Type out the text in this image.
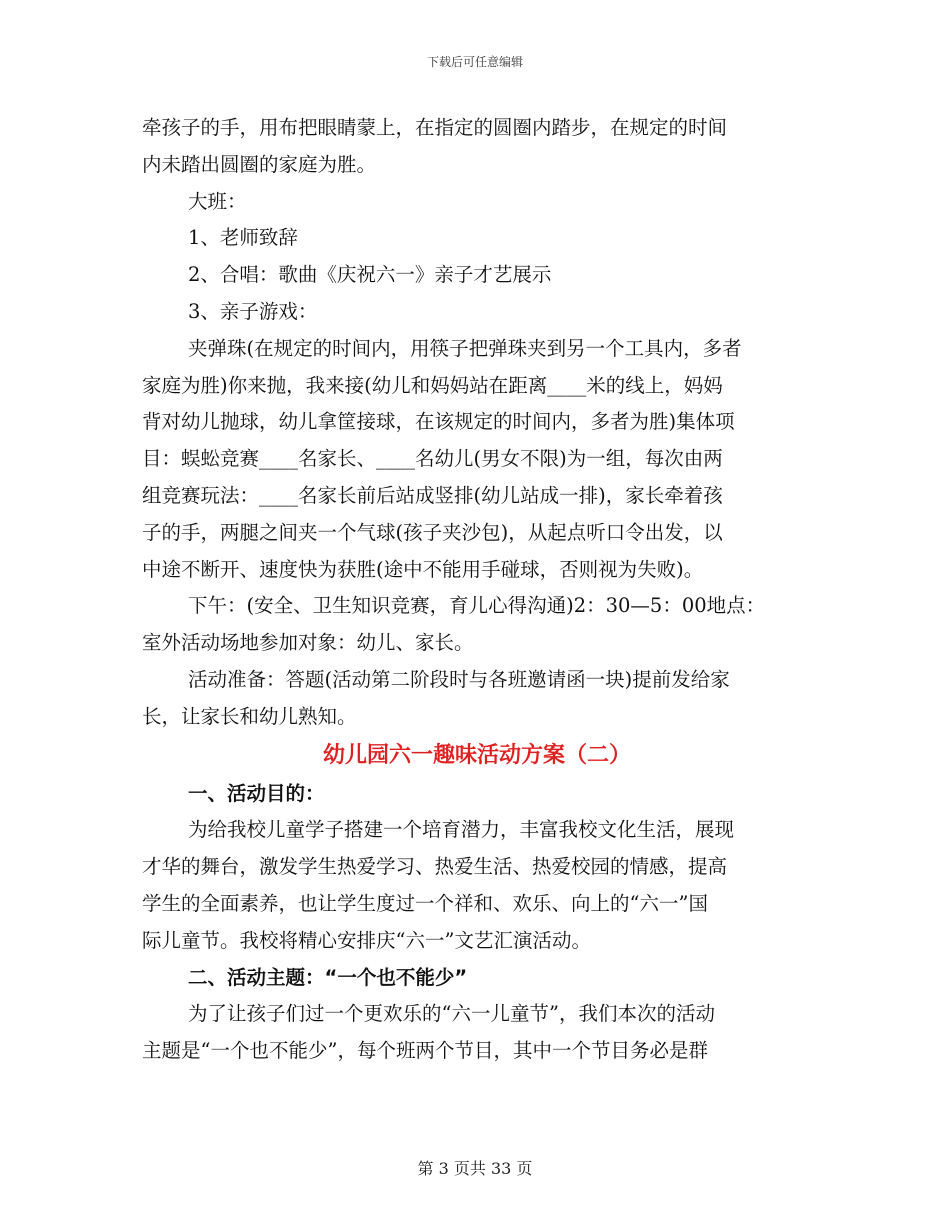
下载后可任意编辑

牵孩子的手，用布把眼睛蒙上，在指定的圆圈内踏步，在规定的时间

内未踏出圆圈的家庭为胜。

大班：

1、老师致辞

2、合唱：歌曲《庆祝六一》亲子才艺展示

3、亲子游戏：

夹弹珠(在规定的时间内，用筷子把弹珠夹到另一个工具内，多者

家庭为胜)你来抛，我来接(幼儿和妈妈站在距离____米的线上，妈妈

背对幼儿抛球，幼儿拿筐接球，在该规定的时间内，多者为胜)集体项

目：蜈蚣竞赛____名家长、____名幼儿(男女不限)为一组，每次由两

组竞赛玩法：____名家长前后站成竖排(幼儿站成一排)，家长牵着孩

子的手，两腿之间夹一个气球(孩子夹沙包)，从起点听口令出发，以

中途不断开、速度快为获胜(途中不能用手碰球，否则视为失败)。

下午：(安全、卫生知识竞赛，育儿心得沟通)2：30—5：00地点：

室外活动场地参加对象：幼儿、家长。

活动准备：答题(活动第二阶段时与各班邀请函一块)提前发给家

长，让家长和幼儿熟知。

幼儿园六一趣味活动方案（二）

一、活动目的：

为给我校儿童学子搭建一个培育潜力，丰富我校文化生活，展现

才华的舞台，激发学生热爱学习、热爱生活、热爱校园的情感，提高

学生的全面素养，也让学生度过一个祥和、欢乐、向上的“六一”国

际儿童节。我校将精心安排庆“六一”文艺汇演活动。

二、活动主题：“一个也不能少”

为了让孩子们过一个更欢乐的“六一儿童节”，我们本次的活动

主题是“一个也不能少”，每个班两个节目，其中一个节目务必是群

第 3 页共 33 页
